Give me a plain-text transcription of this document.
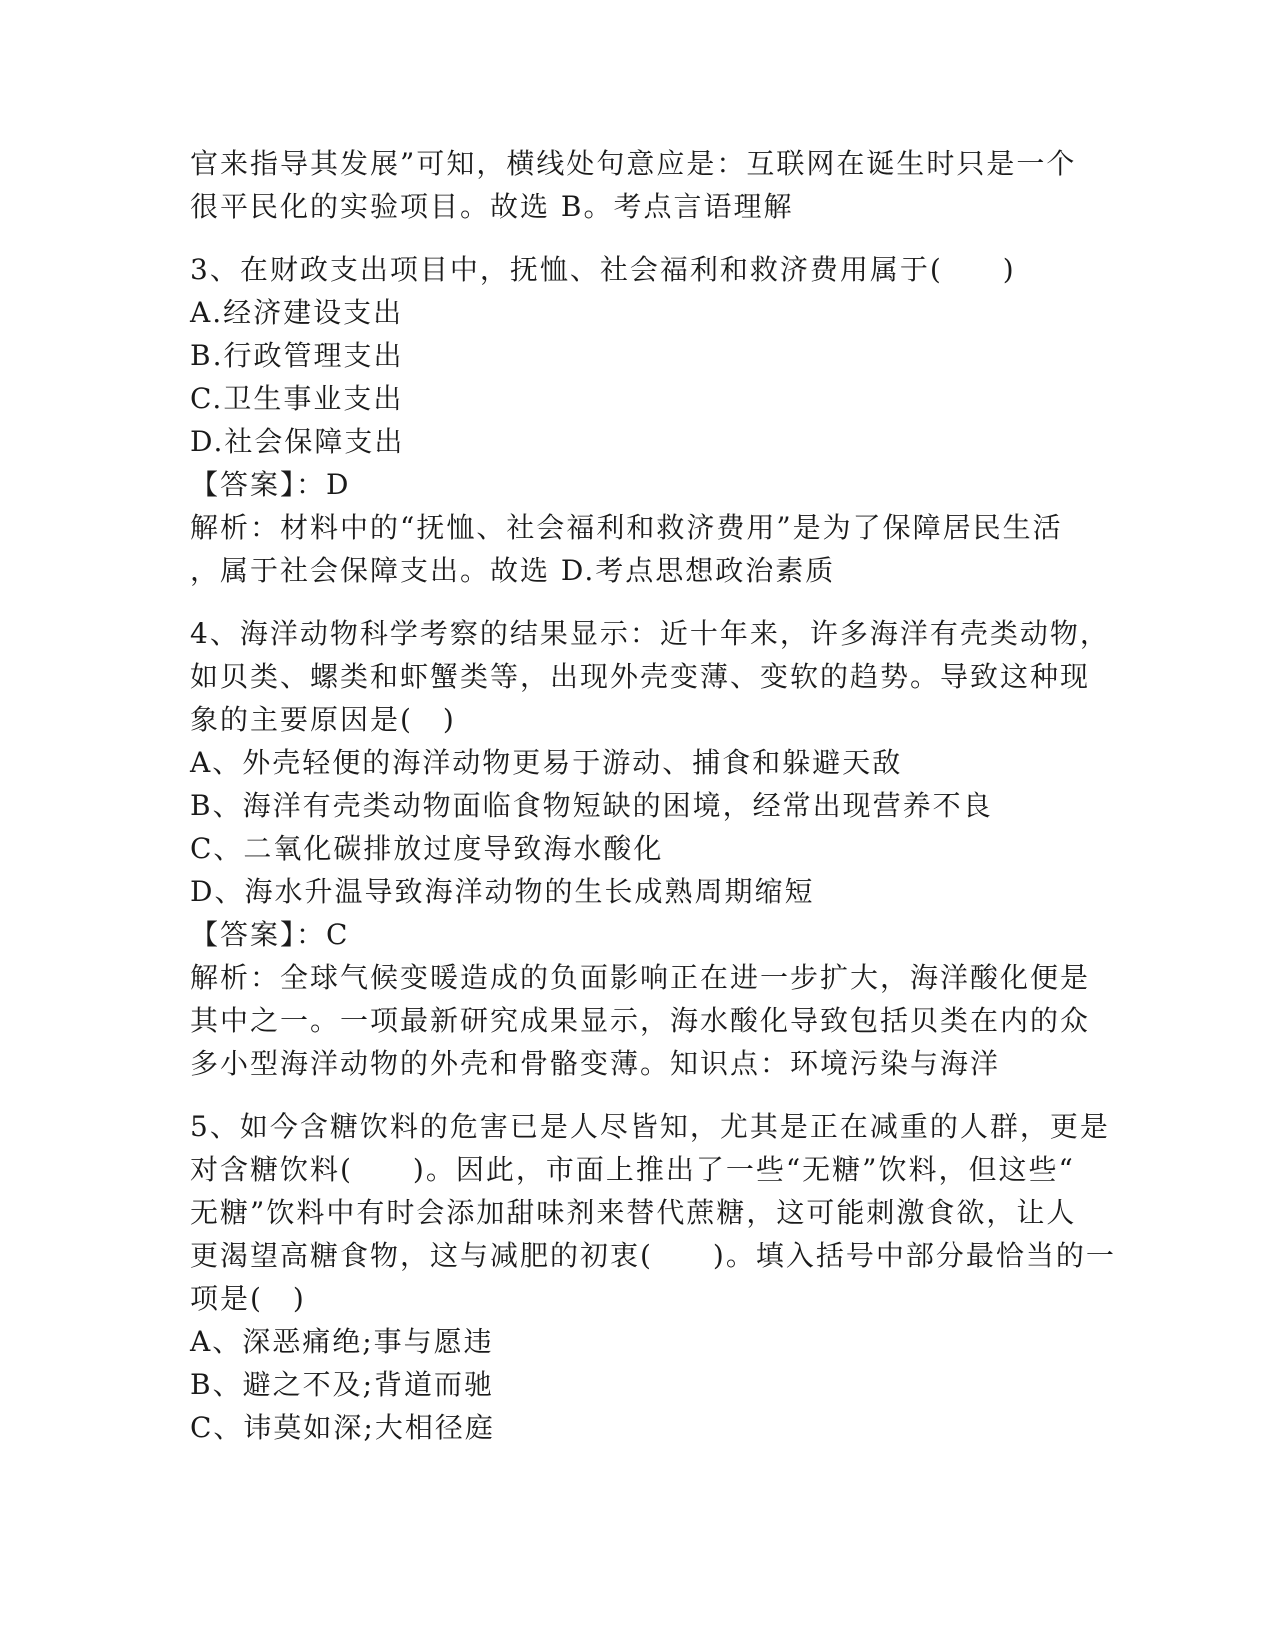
官来指导其发展”可知，横线处句意应是：互联网在诞生时只是一个
很平民化的实验项目。故选 B。考点言语理解
3、在财政支出项目中，抚恤、社会福利和救济费用属于(　　)
A.经济建设支出
B.行政管理支出
C.卫生事业支出
D.社会保障支出
【答案】：D
解析：材料中的“抚恤、社会福利和救济费用”是为了保障居民生活
，属于社会保障支出。故选 D.考点思想政治素质
4、海洋动物科学考察的结果显示：近十年来，许多海洋有壳类动物，
如贝类、螺类和虾蟹类等，出现外壳变薄、变软的趋势。导致这种现
象的主要原因是(　)
A、外壳轻便的海洋动物更易于游动、捕食和躲避天敌
B、海洋有壳类动物面临食物短缺的困境，经常出现营养不良
C、二氧化碳排放过度导致海水酸化
D、海水升温导致海洋动物的生长成熟周期缩短
【答案】：C
解析：全球气候变暖造成的负面影响正在进一步扩大，海洋酸化便是
其中之一。一项最新研究成果显示，海水酸化导致包括贝类在内的众
多小型海洋动物的外壳和骨骼变薄。知识点：环境污染与海洋
5、如今含糖饮料的危害已是人尽皆知，尤其是正在减重的人群，更是
对含糖饮料(　　)。因此，市面上推出了一些“无糖”饮料，但这些“
无糖”饮料中有时会添加甜味剂来替代蔗糖，这可能刺激食欲，让人
更渴望高糖食物，这与减肥的初衷(　　)。填入括号中部分最恰当的一
项是(　)
A、深恶痛绝;事与愿违
B、避之不及;背道而驰
C、讳莫如深;大相径庭
